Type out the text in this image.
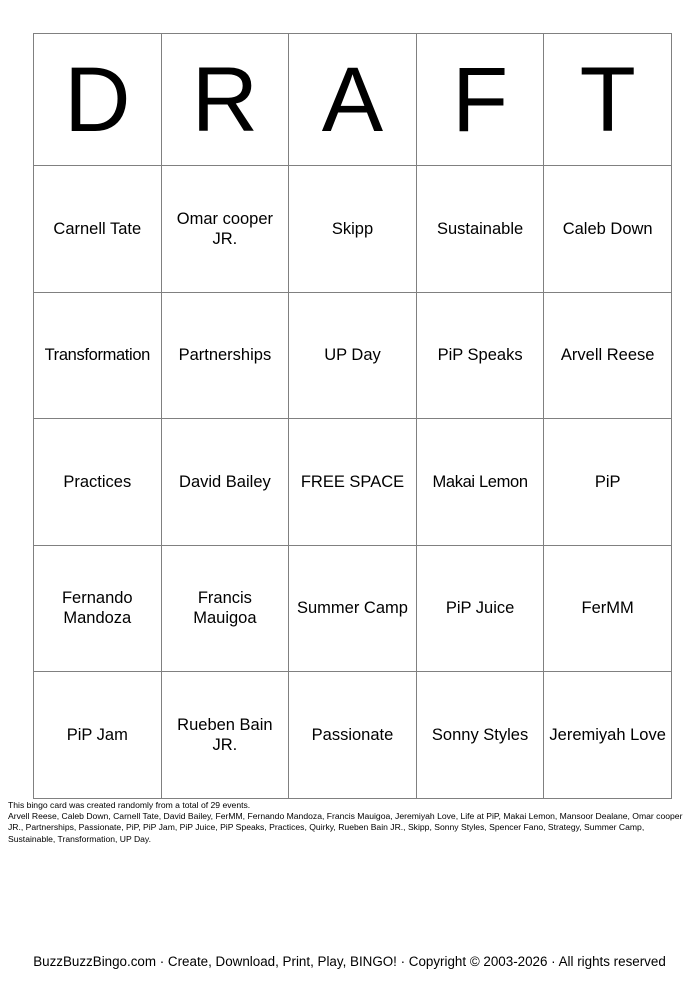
D	R	A	F	T

Carnell Tate	Omar cooper JR.	Skipp	Sustainable	Caleb Down

Transformation	Partnerships	UP Day	PiP Speaks	Arvell Reese

Practices	David Bailey	FREE SPACE	Makai Lemon	PiP

Fernando Mandoza	Francis Mauigoa	Summer Camp	PiP Juice	FerMM

PiP Jam	Rueben Bain JR.	Passionate	Sonny Styles	Jeremiyah Love
This bingo card was created randomly from a total of 29 events.
Arvell Reese, Caleb Down, Carnell Tate, David Bailey, FerMM, Fernando Mandoza, Francis Mauigoa, Jeremiyah Love, Life at PiP, Makai Lemon, Mansoor Dealane, Omar cooper JR., Partnerships, Passionate, PiP, PiP Jam, PiP Juice, PiP Speaks, Practices, Quirky, Rueben Bain JR., Skipp, Sonny Styles, Spencer Fano, Strategy, Summer Camp, Sustainable, Transformation, UP Day.
BuzzBuzzBingo.com · Create, Download, Print, Play, BINGO! · Copyright © 2003-2026 · All rights reserved
